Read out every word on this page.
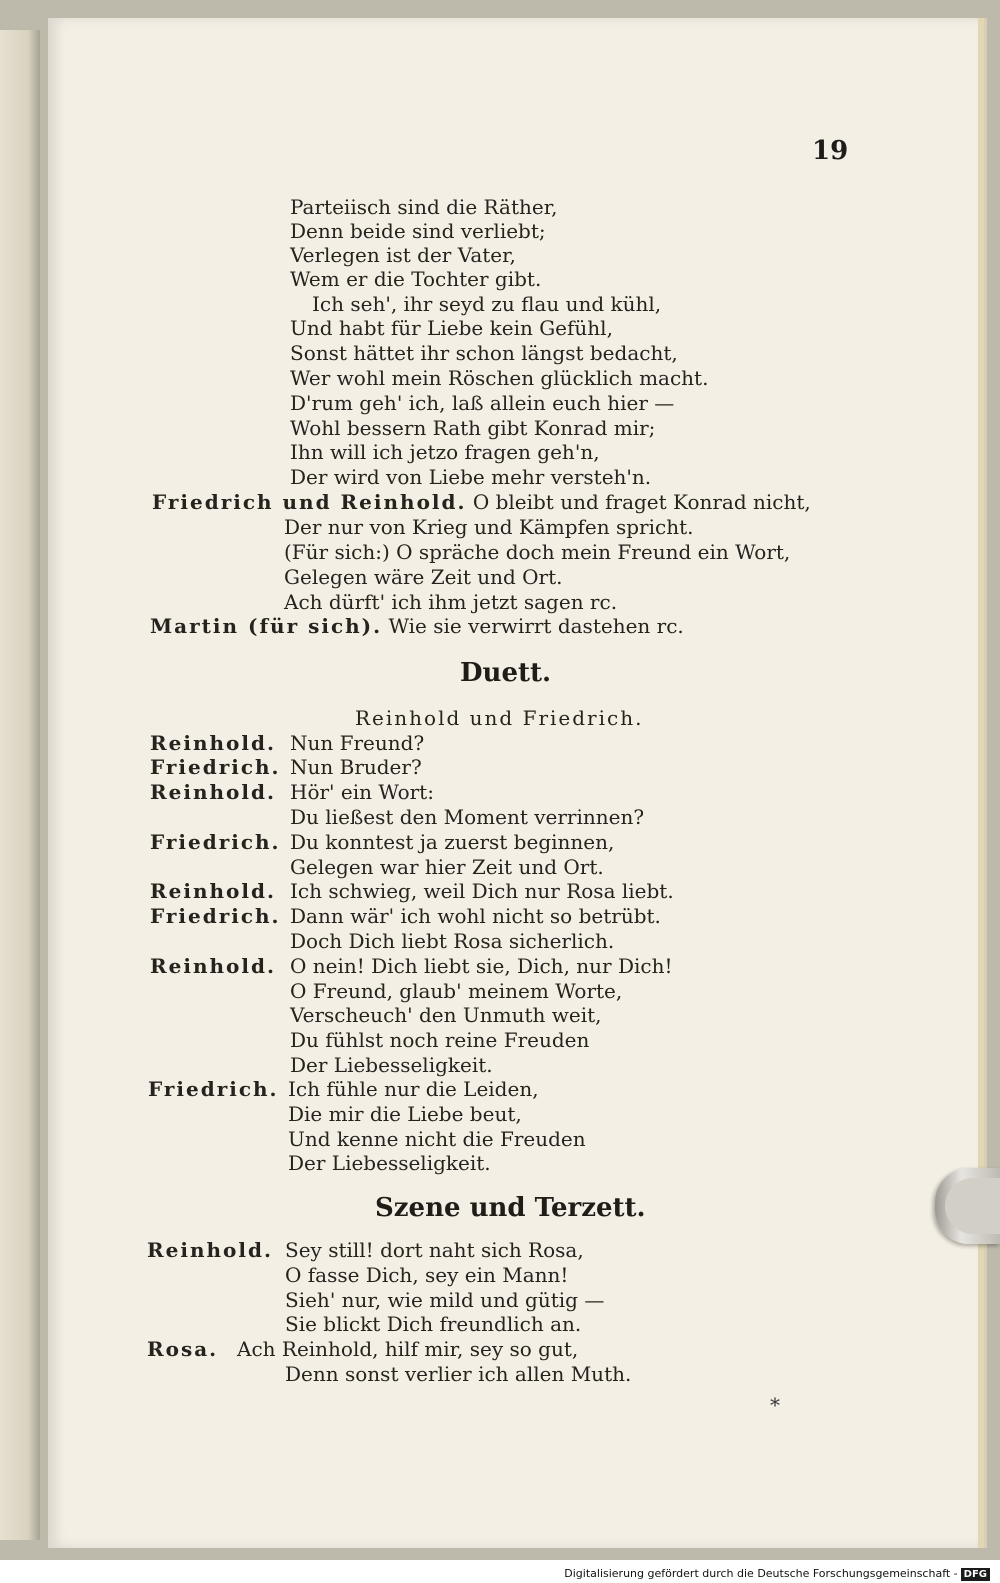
19
Parteiisch sind die Räther,
Denn beide sind verliebt;
Verlegen ist der Vater,
Wem er die Tochter gibt.
Ich seh', ihr seyd zu flau und kühl,
Und habt für Liebe kein Gefühl,
Sonst hättet ihr schon längst bedacht,
Wer wohl mein Röschen glücklich macht.
D'rum geh' ich, laß allein euch hier —
Wohl bessern Rath gibt Konrad mir;
Ihn will ich jetzo fragen geh'n,
Der wird von Liebe mehr versteh'n.
Friedrich und Reinhold. O bleibt und fraget Konrad nicht,
Der nur von Krieg und Kämpfen spricht.
(Für sich:) O spräche doch mein Freund ein Wort,
Gelegen wäre Zeit und Ort.
Ach dürft' ich ihm jetzt sagen rc.
Martin (für sich). Wie sie verwirrt dastehen rc.
Duett.
Reinhold und Friedrich.
Reinhold. Nun Freund?
Friedrich. Nun Bruder?
Reinhold. Hör' ein Wort:
Du ließest den Moment verrinnen?
Friedrich. Du konntest ja zuerst beginnen,
Gelegen war hier Zeit und Ort.
Reinhold. Ich schwieg, weil Dich nur Rosa liebt.
Friedrich. Dann wär' ich wohl nicht so betrübt.
Doch Dich liebt Rosa sicherlich.
Reinhold. O nein! Dich liebt sie, Dich, nur Dich!
O Freund, glaub' meinem Worte,
Verscheuch' den Unmuth weit,
Du fühlst noch reine Freuden
Der Liebesseligkeit.
Friedrich. Ich fühle nur die Leiden,
Die mir die Liebe beut,
Und kenne nicht die Freuden
Der Liebesseligkeit.
Szene und Terzett.
Reinhold. Sey still! dort naht sich Rosa,
O fasse Dich, sey ein Mann!
Sieh' nur, wie mild und gütig —
Sie blickt Dich freundlich an.
Rosa. Ach Reinhold, hilf mir, sey so gut,
Denn sonst verlier ich allen Muth.
*
Digitalisierung gefördert durch die Deutsche Forschungsgemeinschaft - DFG
